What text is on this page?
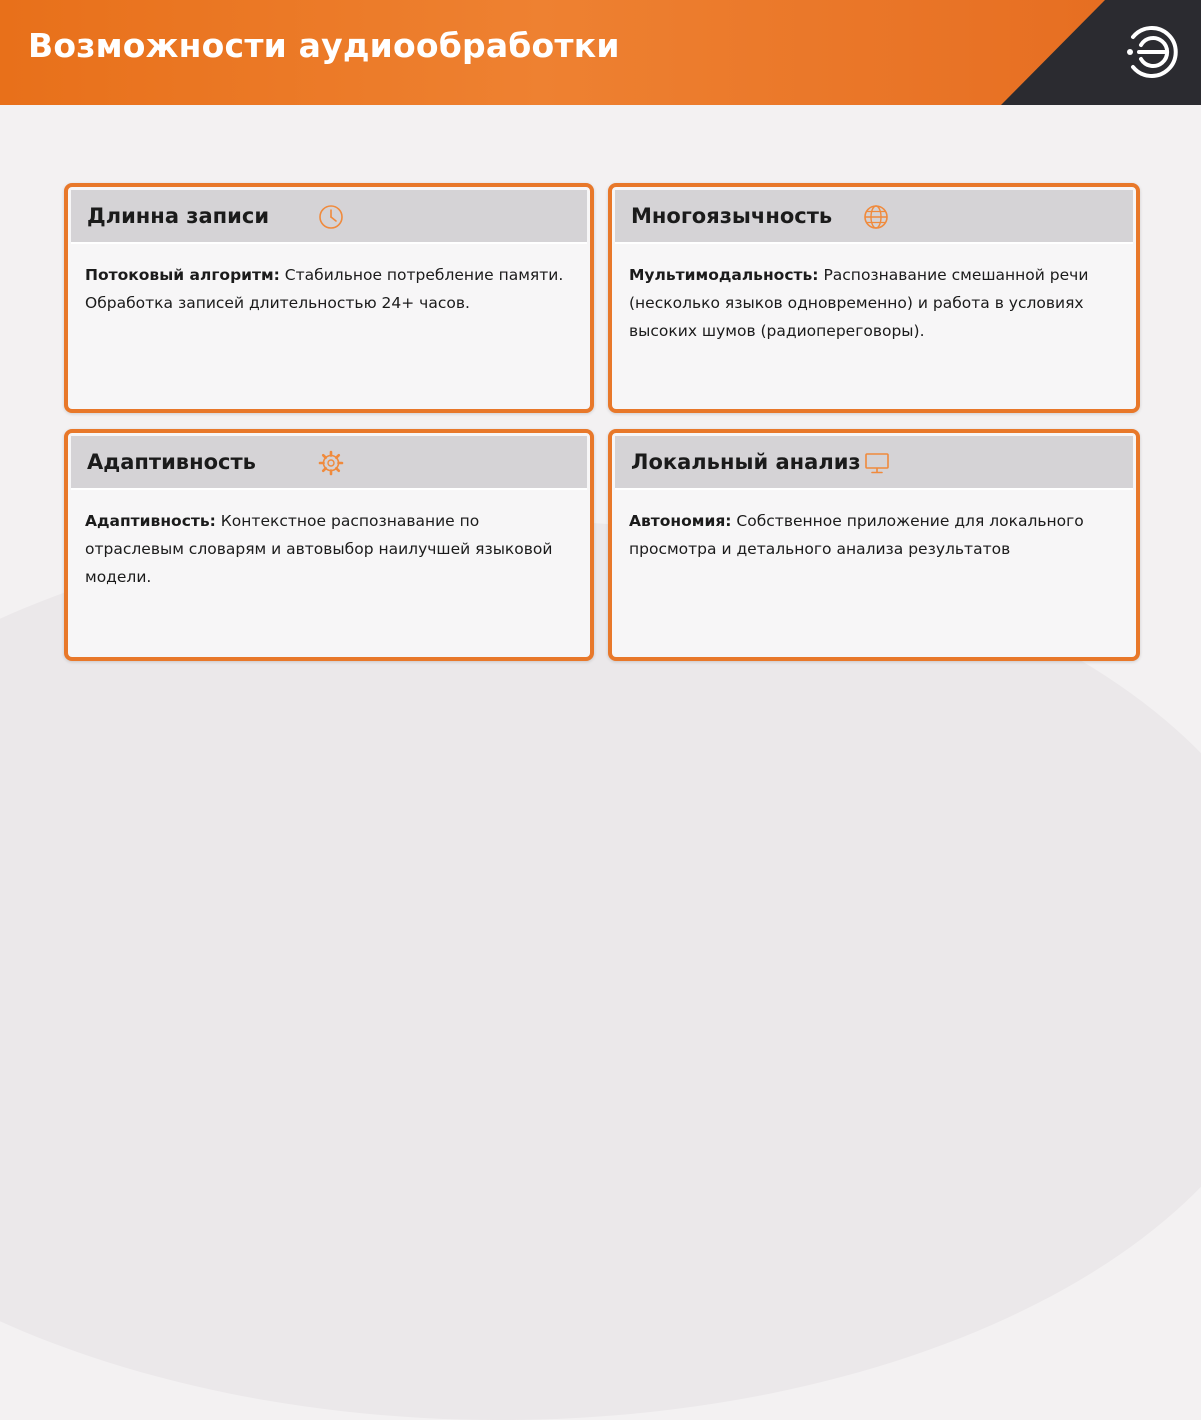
Возможности аудиообработки
Длинна записи

Потоковый алгоритм: Стабильное потребление памяти. Обработка записей длительностью 24+ часов.

Многоязычность

Мультимодальность: Распознавание смешанной речи (несколько языков одновременно) и работа в условиях высоких шумов (радиопереговоры).

Адаптивность

Адаптивность: Контекстное распознавание по отраслевым словарям и автовыбор наилучшей языковой модели.

Локальный анализ

Автономия: Собственное приложение для локального просмотра и детального анализа результатов
